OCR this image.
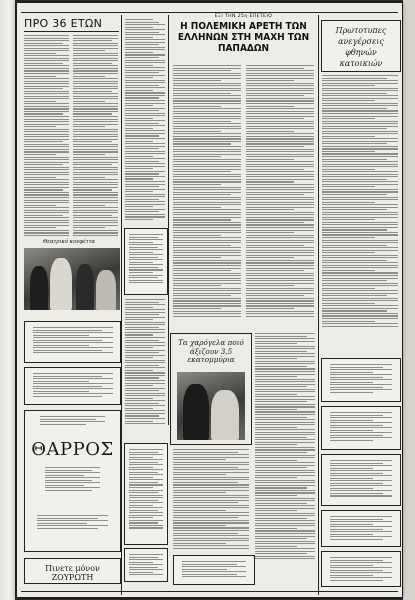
ΠΡΟ 36 ΕΤΩΝ
Θεατρικό κονφέττα
ΘΑΡΡΟΣ
Πινετε μόνον ΖΟΥΡΩΤΗ
ΕΞΙ ΤΗΝ 25η ΕΠΕΤΕΙΟ
Η ΠΟΛΕΜΙΚΗ ΑΡΕΤΗ ΤΩΝ ΕΛΛΗΝΩΝ ΣΤΗ ΜΑΧΗ ΤΩΝ ΠΑΠΑΔΩΝ
Τα χαρόγελα ποιό άξιζουν 3,5 εκατομμύρια
Πρωτοτυπες ανεγέρσεις φθηνών κατοικιών
